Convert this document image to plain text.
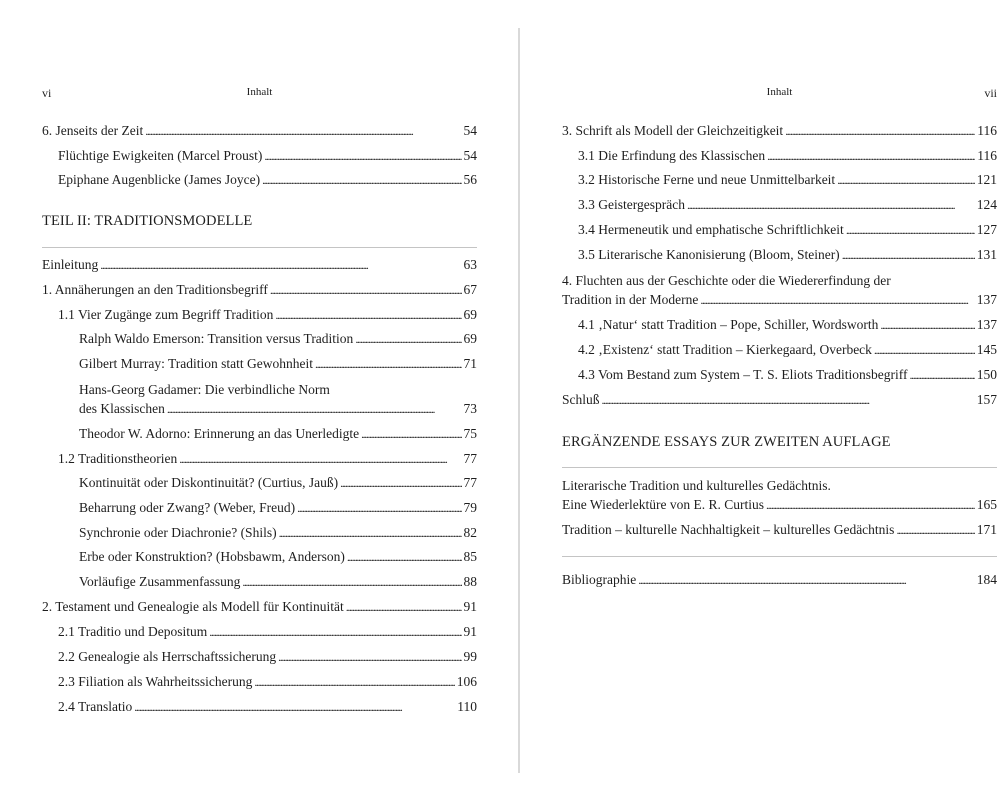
vi	Inhalt
6. Jenseits der Zeit . . .	54
Flüchtige Ewigkeiten (Marcel Proust) . . .	54
Epiphane Augenblicke (James Joyce) . . .	56
TEIL II: TRADITIONSMODELLE
Einleitung . . .	63
1. Annäherungen an den Traditionsbegriff . . .	67
1.1 Vier Zugänge zum Begriff Tradition . . .	69
Ralph Waldo Emerson: Transition versus Tradition . . .	69
Gilbert Murray: Tradition statt Gewohnheit . . .	71
Hans-Georg Gadamer: Die verbindliche Norm
des Klassischen . . .	73
Theodor W. Adorno: Erinnerung an das Unerledigte . . .	75
1.2 Traditionstheorien . . .	77
Kontinuität oder Diskontinuität? (Curtius, Jauß) . . .	77
Beharrung oder Zwang? (Weber, Freud) . . .	79
Synchronie oder Diachronie? (Shils) . . .	82
Erbe oder Konstruktion? (Hobsbawm, Anderson) . . .	85
Vorläufige Zusammenfassung . . .	88
2. Testament und Genealogie als Modell für Kontinuität . . .	91
2.1 Traditio und Depositum . . .	91
2.2 Genealogie als Herrschaftssicherung . . .	99
2.3 Filiation als Wahrheitssicherung . . .	106
2.4 Translatio . . .	110
Inhalt	vii
3. Schrift als Modell der Gleichzeitigkeit . . .	116
3.1 Die Erfindung des Klassischen . . .	116
3.2 Historische Ferne und neue Unmittelbarkeit . . .	121
3.3 Geistergespräch . . .	124
3.4 Hermeneutik und emphatische Schriftlichkeit . . .	127
3.5 Literarische Kanonisierung (Bloom, Steiner) . . .	131
4. Fluchten aus der Geschichte oder die Wiedererfindung der
Tradition in der Moderne . . .	137
4.1 ‚Natur‘ statt Tradition – Pope, Schiller, Wordsworth . . .	137
4.2 ‚Existenz‘ statt Tradition – Kierkegaard, Overbeck . . .	145
4.3 Vom Bestand zum System – T. S. Eliots Traditionsbegriff . . .	150
Schluß . . .	157
ERGÄNZENDE ESSAYS ZUR ZWEITEN AUFLAGE
Literarische Tradition und kulturelles Gedächtnis.
Eine Wiederlektüre von E. R. Curtius . . .	165
Tradition – kulturelle Nachhaltigkeit – kulturelles Gedächtnis . . .	171
Bibliographie . . .	184
